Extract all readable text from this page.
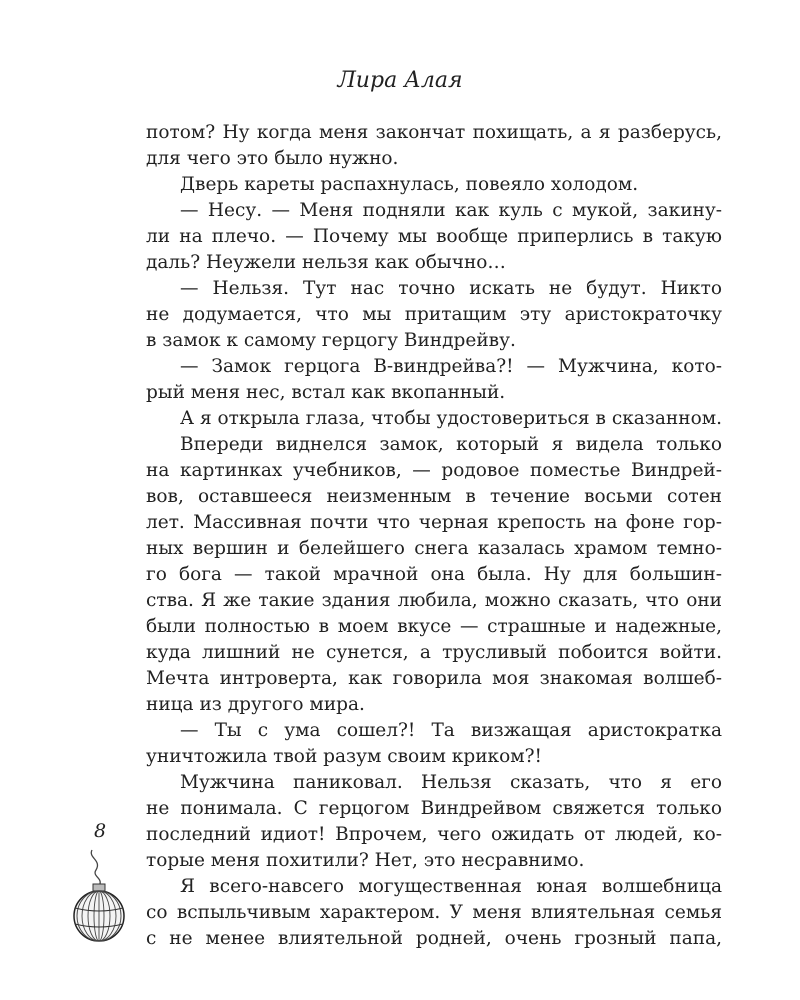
Лира Алая
потом? Ну когда меня закончат похищать, а я разберусь,
для чего это было нужно.
Дверь кареты распахнулась, повеяло холодом.
— Несу. — Меня подняли как куль с мукой, закину-
ли на плечо. — Почему мы вообще приперлись в такую
даль? Неужели нельзя как обычно…
— Нельзя. Тут нас точно искать не будут. Никто
не додумается, что мы притащим эту аристократочку
в замок к самому герцогу Виндрейву.
— Замок герцога В-виндрейва?! — Мужчина, кото-
рый меня нес, встал как вкопанный.
А я открыла глаза, чтобы удостовериться в сказанном.
Впереди виднелся замок, который я видела только
на картинках учебников, — родовое поместье Виндрей-
вов, оставшееся неизменным в течение восьми сотен
лет. Массивная почти что черная крепость на фоне гор-
ных вершин и белейшего снега казалась храмом темно-
го бога — такой мрачной она была. Ну для большин-
ства. Я же такие здания любила, можно сказать, что они
были полностью в моем вкусе — страшные и надежные,
куда лишний не сунется, а трусливый побоится войти.
Мечта интроверта, как говорила моя знакомая волшеб-
ница из другого мира.
— Ты с ума сошел?! Та визжащая аристократка
уничтожила твой разум своим криком?!
Мужчина паниковал. Нельзя сказать, что я его
не понимала. С герцогом Виндрейвом свяжется только
последний идиот! Впрочем, чего ожидать от людей, ко-
торые меня похитили? Нет, это несравнимо.
Я всего-навсего могущественная юная волшебница
со вспыльчивым характером. У меня влиятельная семья
с не менее влиятельной родней, очень грозный папа,
8
